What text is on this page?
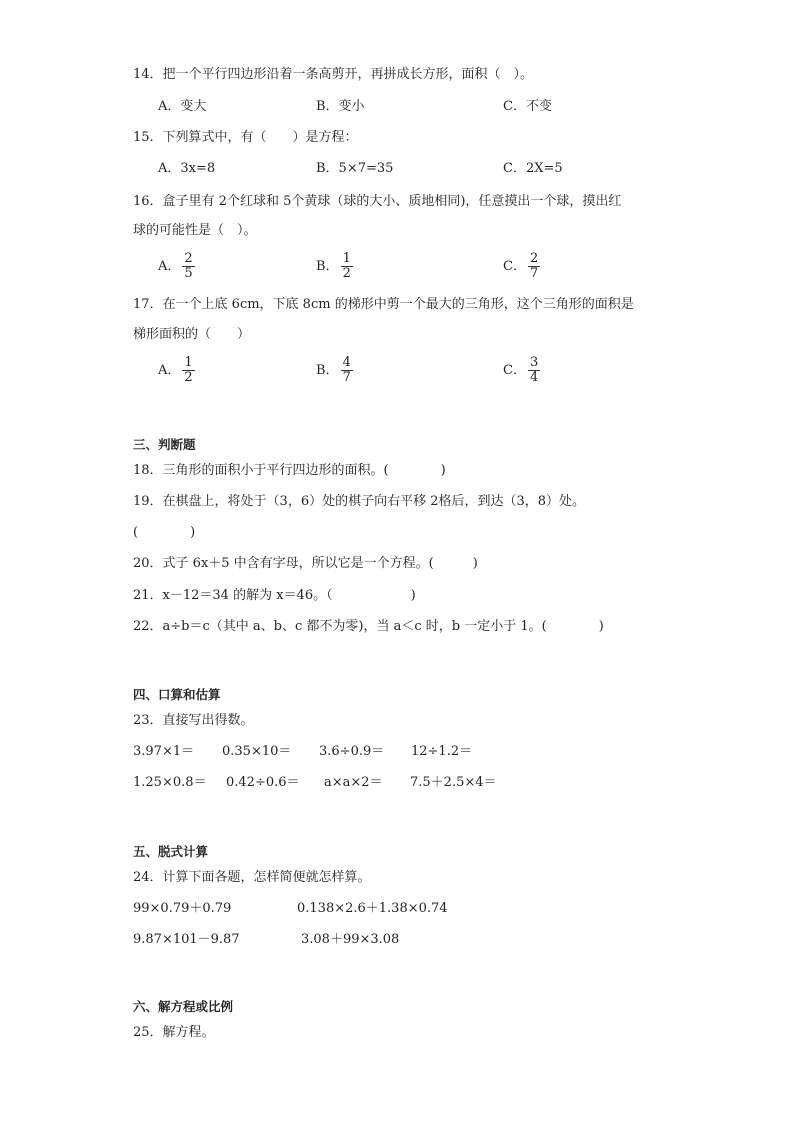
14．把一个平行四边形沿着一条高剪开，再拼成长方形，面积（　）。
A．变大	B．变小	C．不变
15．下列算式中，有（　　）是方程：
A．3x=8	B．5×7=35	C．2X=5
16．盒子里有 2个红球和 5个黄球（球的大小、质地相同)，任意摸出一个球，摸出红
球的可能性是（　）。
A． $\frac{2}{5}$	B． $\frac{1}{2}$	C． $\frac{2}{7}$
17．在一个上底 6cm，下底 8cm 的梯形中剪一个最大的三角形，这个三角形的面积是
梯形面积的（　　）
A． $\frac{1}{2}$	B． $\frac{4}{7}$	C． $\frac{3}{4}$
三、判断题
18．三角形的面积小于平行四边形的面积。(　　　　)
19．在棋盘上，将处于（3，6）处的棋子向右平移 2格后，到达（3，8）处。
(　　　　)
20．式子 6x＋5 中含有字母，所以它是一个方程。(　　　)
21．x－12＝34 的解为 x＝46。（　　　　　　)
22．a÷b＝c（其中 a、b、c 都不为零)，当 a＜c 时，b 一定小于 1。(　　　　)
四、口算和估算
23．直接写出得数。
3.97×1＝ 0.35×10＝ 3.6÷0.9＝ 12÷1.2＝
1.25×0.8＝ 0.42÷0.6＝ a×a×2＝ 7.5＋2.5×4＝
五、脱式计算
24．计算下面各题，怎样简便就怎样算。
99×0.79＋0.79	0.138×2.6＋1.38×0.74
9.87×101－9.87	3.08＋99×3.08
六、解方程或比例
25．解方程。
